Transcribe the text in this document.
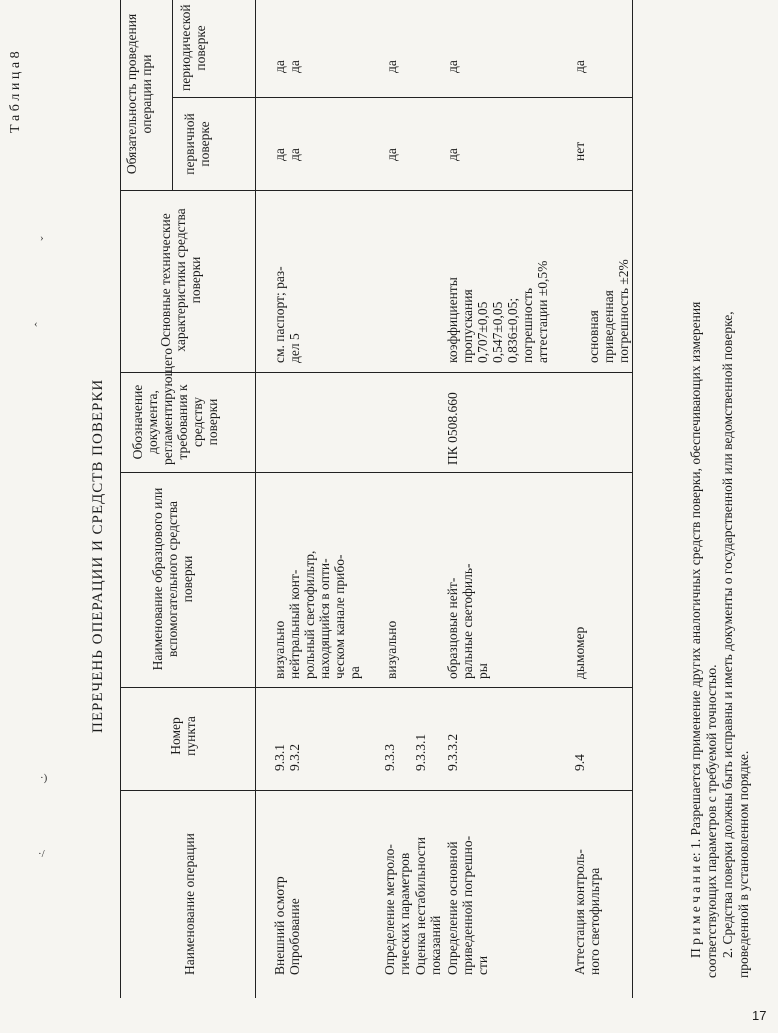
Т а б л и ц а 8
ПЕРЕЧЕНЬ ОПЕРАЦИИ И СРЕДСТВ ПОВЕРКИ
Наименование операции
Номер пункта
Наименование образцового или вспомогательного средства поверки
Обозначение документа, регламентирующего требования к средству поверки
Основные технические характеристики средства поверки
Обязательность проведения операции при
первичной поверке
периодической поверке
Внешний осмотр
Опробование
9.3.1
9.3.2
визуально
нейтральный конт-
рольный светофильтр,
находящийся в опти-
ческом канале прибо-
ра
см. паспорт; раз-
дел 5
да
да
да
да
Определение метроло-
гических параметров
9.3.3
Оценка нестабильности
показаний
9.3.3.1
визуально
да
да
Определение основной
приведенной погрешно-
сти
9.3.3.2
образцовые нейт-
ральные светофиль-
ры
ПК 0508.660
коэффициенты
пропускания
0,707±0,05
0,547±0,05
0,836±0,05;
погрешность
аттестации ±0,5%
да
да
Аттестация контроль-
ного светофильтра
9.4
дымомер
основная
приведенная
погрешность ±2%
нет
да
П р и м е ч а н и е: 1. Разрешается применение других аналогичных средств поверки, обеспечивающих измерения соответствующих параметров с требуемой точностью. 2. Средства поверки должны быть исправны и иметь документы о государственной или ведомственной поверке, проведенной в установленном порядке.
›
‹
·)
·/
17
